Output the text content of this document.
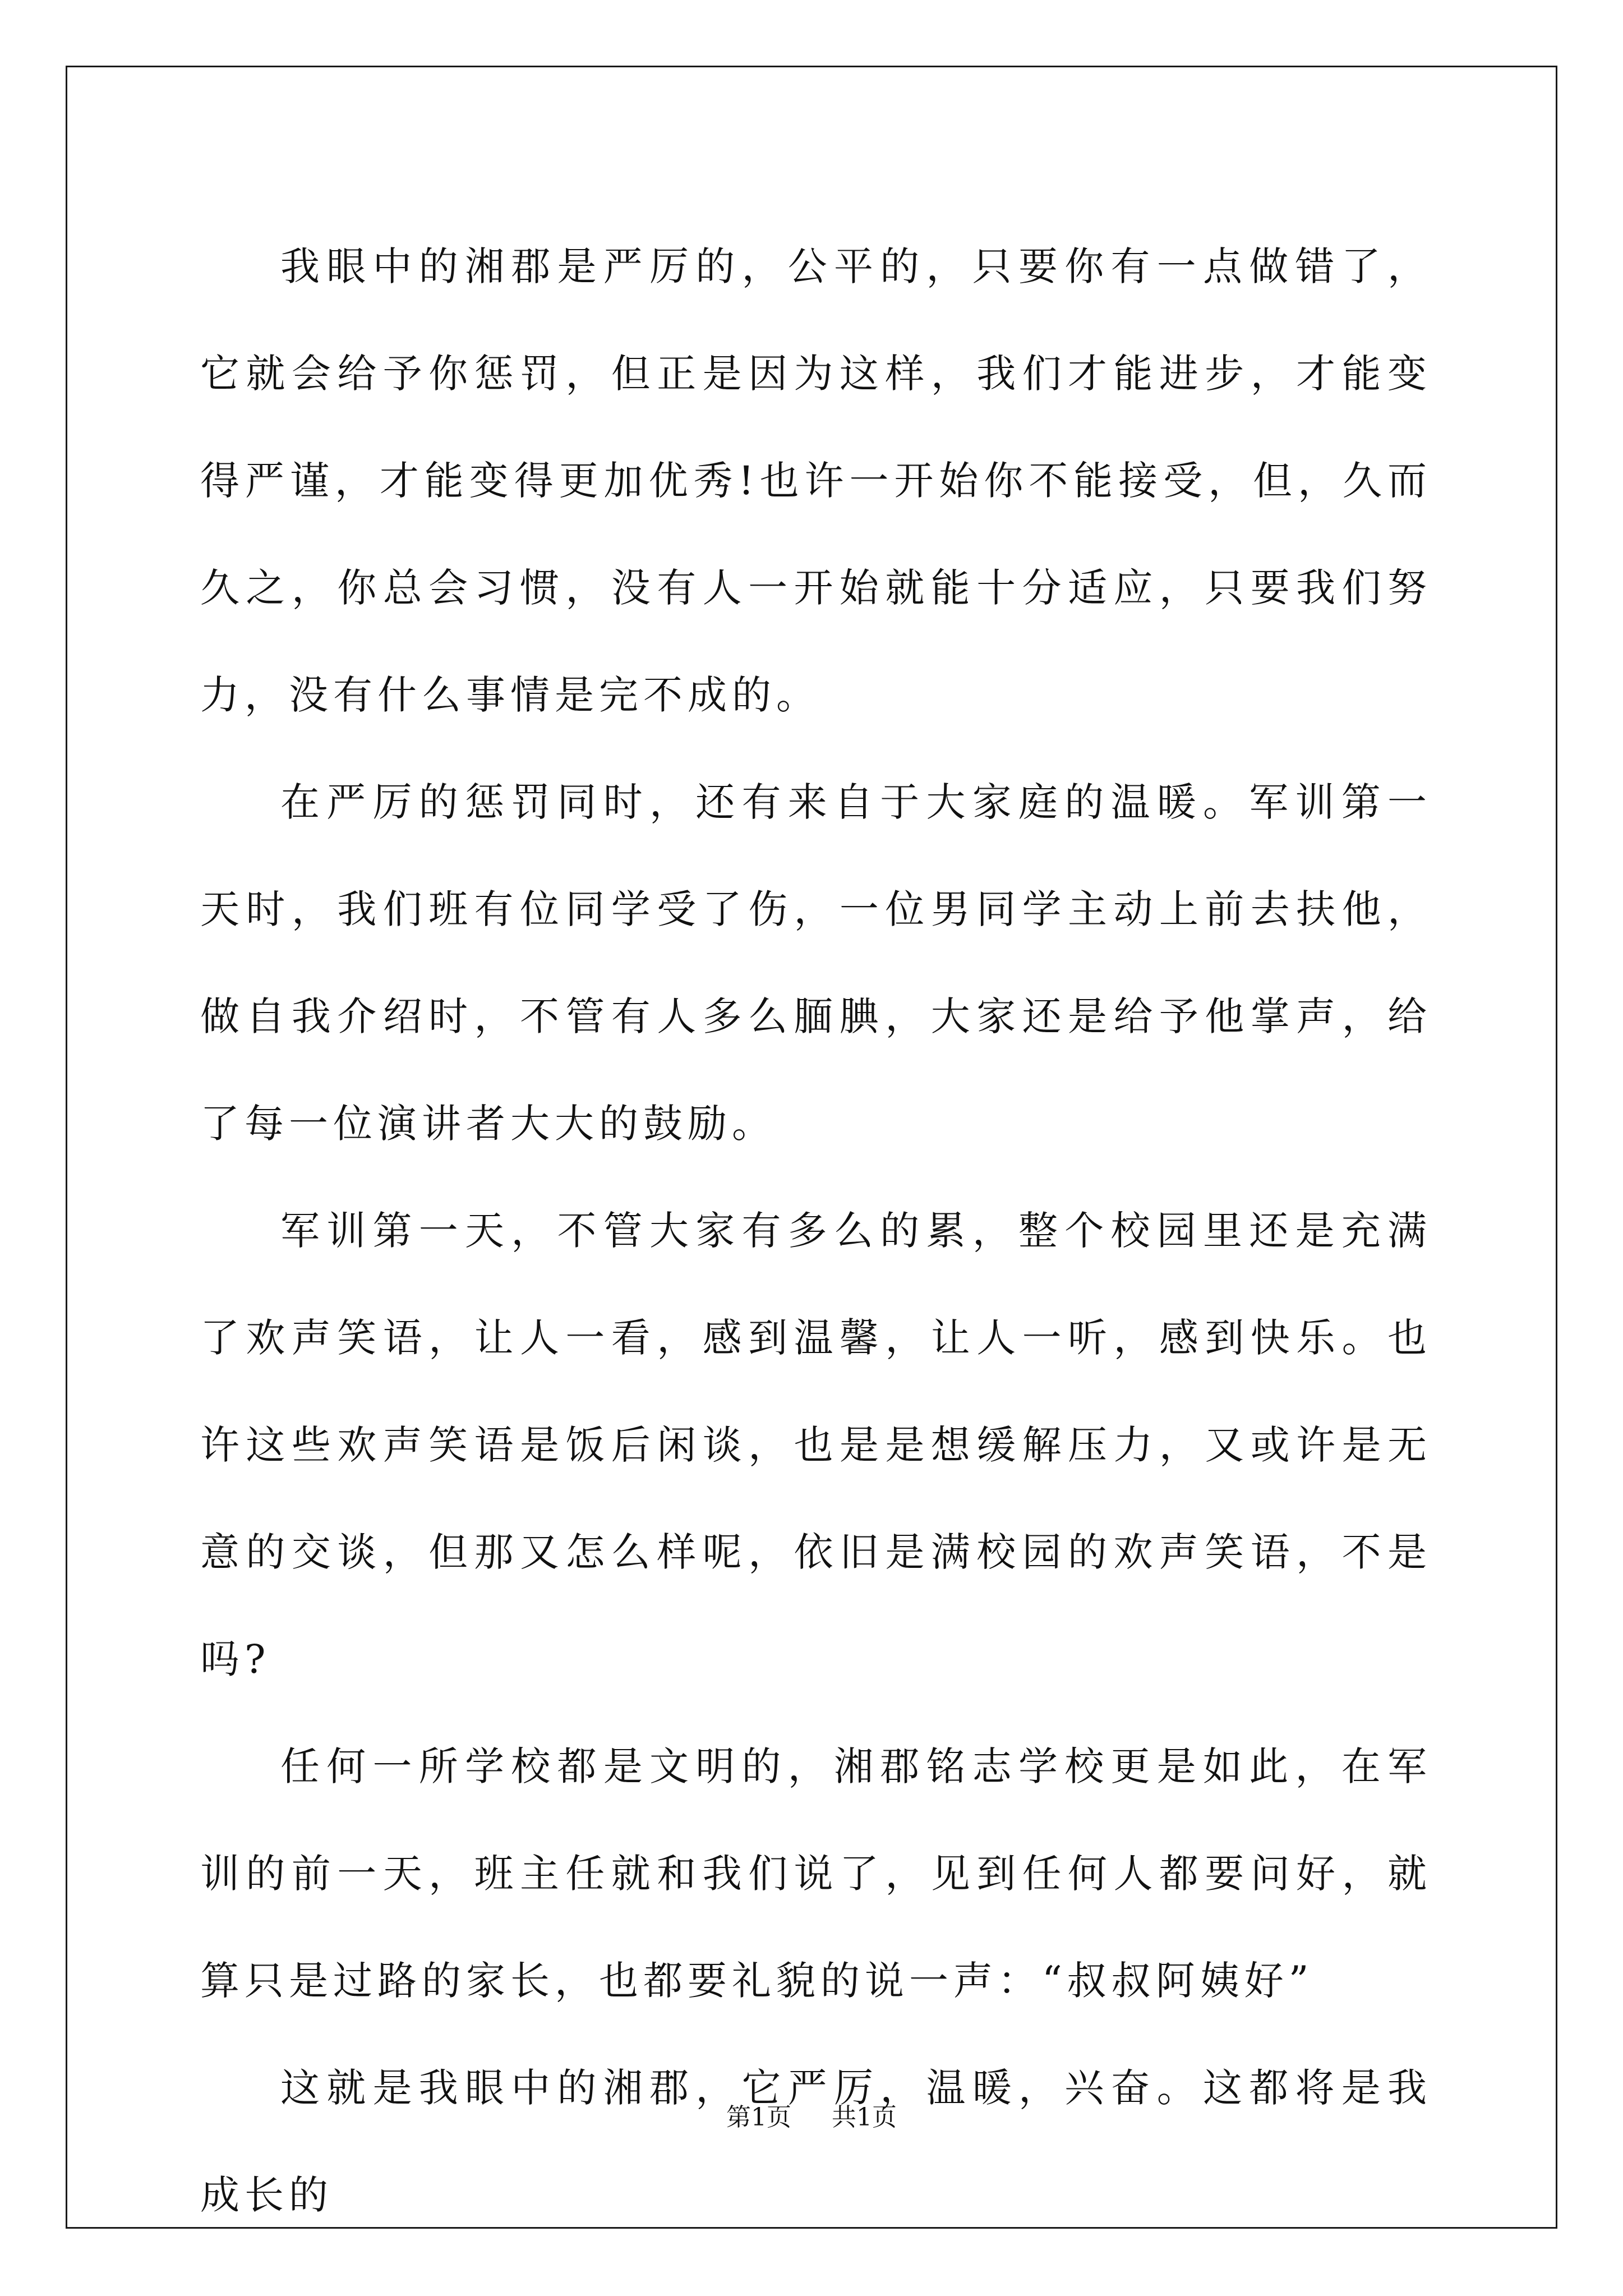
我眼中的湘郡是严厉的，公平的，只要你有一点做错了，它就会给予你惩罚，但正是因为这样，我们才能进步，才能变得严谨，才能变得更加优秀!也许一开始你不能接受，但，久而久之，你总会习惯，没有人一开始就能十分适应，只要我们努力，没有什么事情是完不成的。

在严厉的惩罚同时，还有来自于大家庭的温暖。军训第一天时，我们班有位同学受了伤，一位男同学主动上前去扶他，做自我介绍时，不管有人多么腼腆，大家还是给予他掌声，给了每一位演讲者大大的鼓励。

军训第一天，不管大家有多么的累，整个校园里还是充满了欢声笑语，让人一看，感到温馨，让人一听，感到快乐。也许这些欢声笑语是饭后闲谈，也是是想缓解压力，又或许是无意的交谈，但那又怎么样呢，依旧是满校园的欢声笑语，不是吗?

任何一所学校都是文明的，湘郡铭志学校更是如此，在军训的前一天，班主任就和我们说了，见到任何人都要问好，就算只是过路的家长，也都要礼貌的说一声：“叔叔阿姨好”

这就是我眼中的湘郡，它严厉，温暖，兴奋。这都将是我成长的

第1页 共1页
